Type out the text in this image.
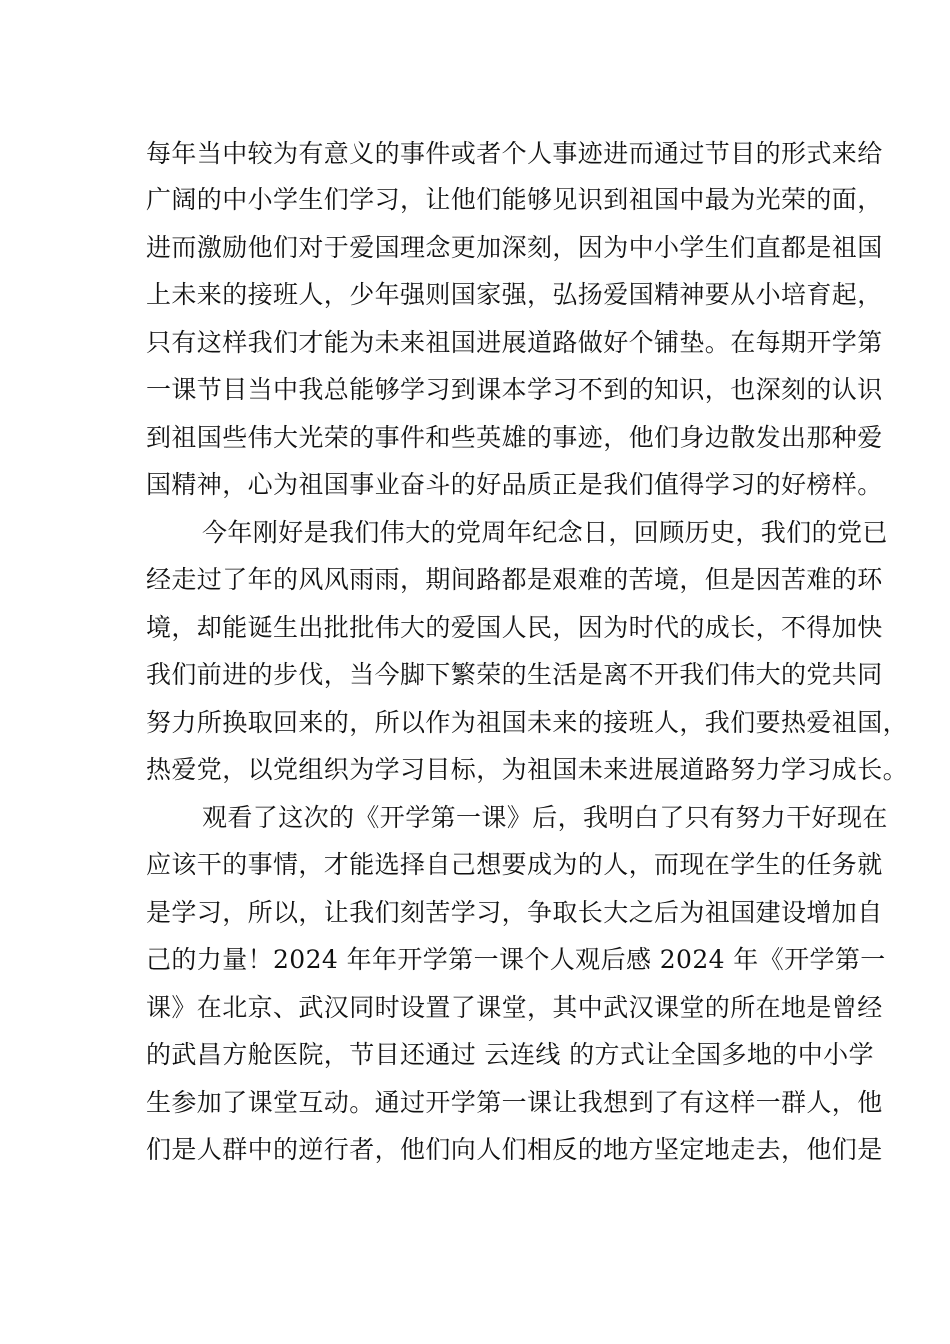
每年当中较为有意义的事件或者个人事迹进而通过节目的形式来给
广阔的中小学生们学习，让他们能够见识到祖国中最为光荣的面，
进而激励他们对于爱国理念更加深刻，因为中小学生们直都是祖国
上未来的接班人，少年强则国家强，弘扬爱国精神要从小培育起，
只有这样我们才能为未来祖国进展道路做好个铺垫。在每期开学第
一课节目当中我总能够学习到课本学习不到的知识，也深刻的认识
到祖国些伟大光荣的事件和些英雄的事迹，他们身边散发出那种爱
国精神，心为祖国事业奋斗的好品质正是我们值得学习的好榜样。
今年刚好是我们伟大的党周年纪念日，回顾历史，我们的党已
经走过了年的风风雨雨，期间路都是艰难的苦境，但是因苦难的环
境，却能诞生出批批伟大的爱国人民，因为时代的成长，不得加快
我们前进的步伐，当今脚下繁荣的生活是离不开我们伟大的党共同
努力所换取回来的，所以作为祖国未来的接班人，我们要热爱祖国，
热爱党，以党组织为学习目标，为祖国未来进展道路努力学习成长。
观看了这次的《开学第一课》后，我明白了只有努力干好现在
应该干的事情，才能选择自己想要成为的人，而现在学生的任务就
是学习，所以，让我们刻苦学习，争取长大之后为祖国建设增加自
己的力量！2024 年年开学第一课个人观后感 2024 年《开学第一
课》在北京、武汉同时设置了课堂，其中武汉课堂的所在地是曾经
的武昌方舱医院，节目还通过 云连线 的方式让全国多地的中小学
生参加了课堂互动。通过开学第一课让我想到了有这样一群人，他
们是人群中的逆行者，他们向人们相反的地方坚定地走去，他们是
